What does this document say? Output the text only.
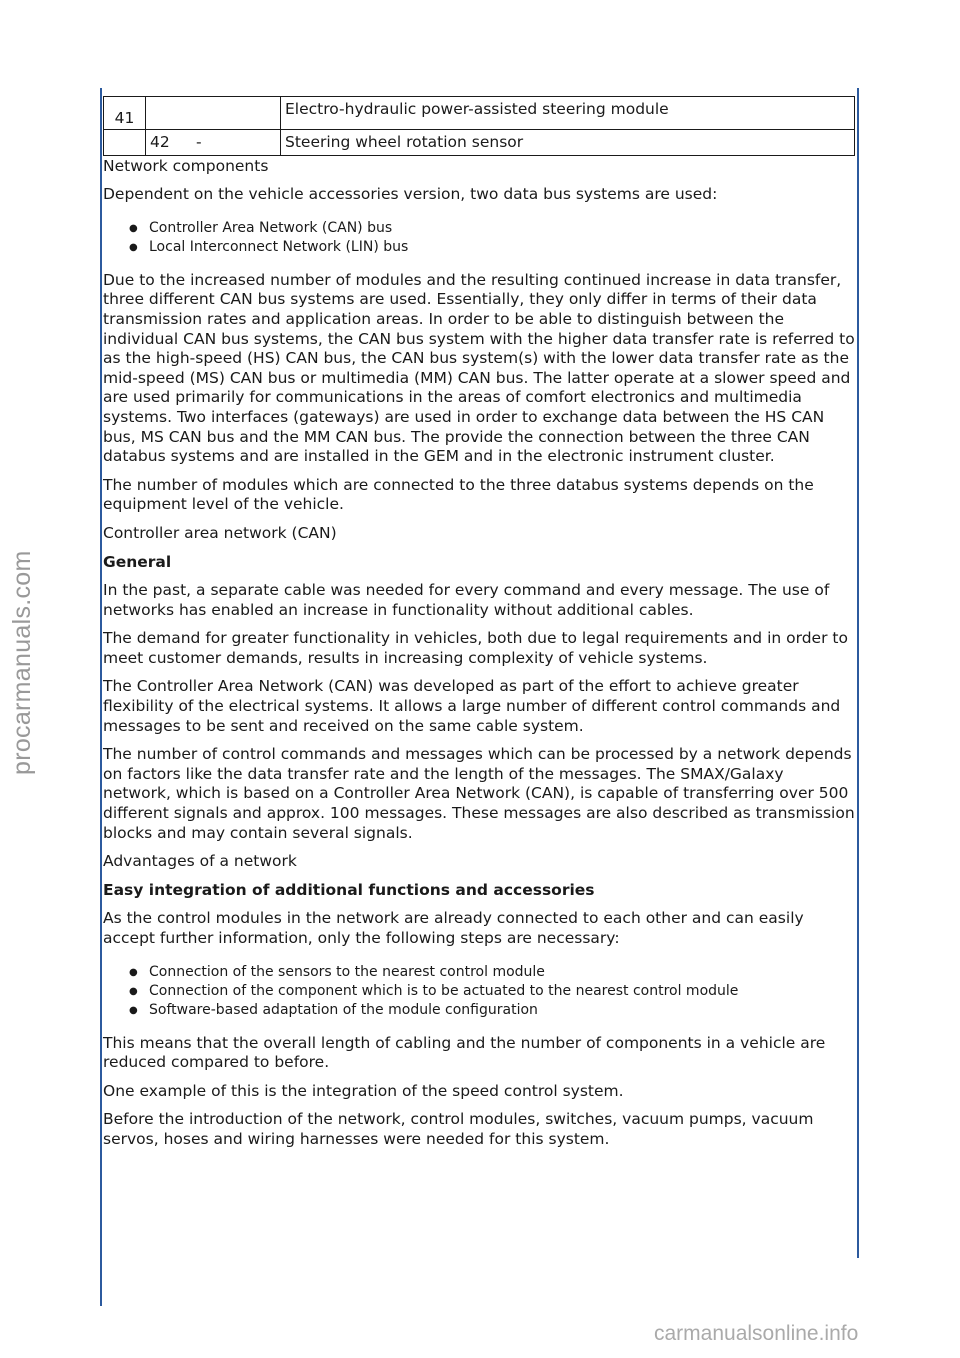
procarmanuals.com
41		Electro-hydraulic power-assisted steering module
	42 -	Steering wheel rotation sensor

Network components

Dependent on the vehicle accessories version, two data bus systems are used:

● Controller Area Network (CAN) bus
● Local Interconnect Network (LIN) bus

Due to the increased number of modules and the resulting continued increase in data transfer, three different CAN bus systems are used. Essentially, they only differ in terms of their data transmission rates and application areas. In order to be able to distinguish between the individual CAN bus systems, the CAN bus system with the higher data transfer rate is referred to as the high-speed (HS) CAN bus, the CAN bus system(s) with the lower data transfer rate as the mid-speed (MS) CAN bus or multimedia (MM) CAN bus. The latter operate at a slower speed and are used primarily for communications in the areas of comfort electronics and multimedia systems. Two interfaces (gateways) are used in order to exchange data between the HS CAN bus, MS CAN bus and the MM CAN bus. The provide the connection between the three CAN databus systems and are installed in the GEM and in the electronic instrument cluster.

The number of modules which are connected to the three databus systems depends on the equipment level of the vehicle.

Controller area network (CAN)

General

In the past, a separate cable was needed for every command and every message. The use of networks has enabled an increase in functionality without additional cables.

The demand for greater functionality in vehicles, both due to legal requirements and in order to meet customer demands, results in increasing complexity of vehicle systems.

The Controller Area Network (CAN) was developed as part of the effort to achieve greater flexibility of the electrical systems. It allows a large number of different control commands and messages to be sent and received on the same cable system.

The number of control commands and messages which can be processed by a network depends on factors like the data transfer rate and the length of the messages. The SMAX/Galaxy network, which is based on a Controller Area Network (CAN), is capable of transferring over 500 different signals and approx. 100 messages. These messages are also described as transmission blocks and may contain several signals.

Advantages of a network

Easy integration of additional functions and accessories

As the control modules in the network are already connected to each other and can easily accept further information, only the following steps are necessary:

● Connection of the sensors to the nearest control module
● Connection of the component which is to be actuated to the nearest control module
● Software-based adaptation of the module configuration

This means that the overall length of cabling and the number of components in a vehicle are reduced compared to before.

One example of this is the integration of the speed control system.

Before the introduction of the network, control modules, switches, vacuum pumps, vacuum servos, hoses and wiring harnesses were needed for this system.

carmanualsonline.info
